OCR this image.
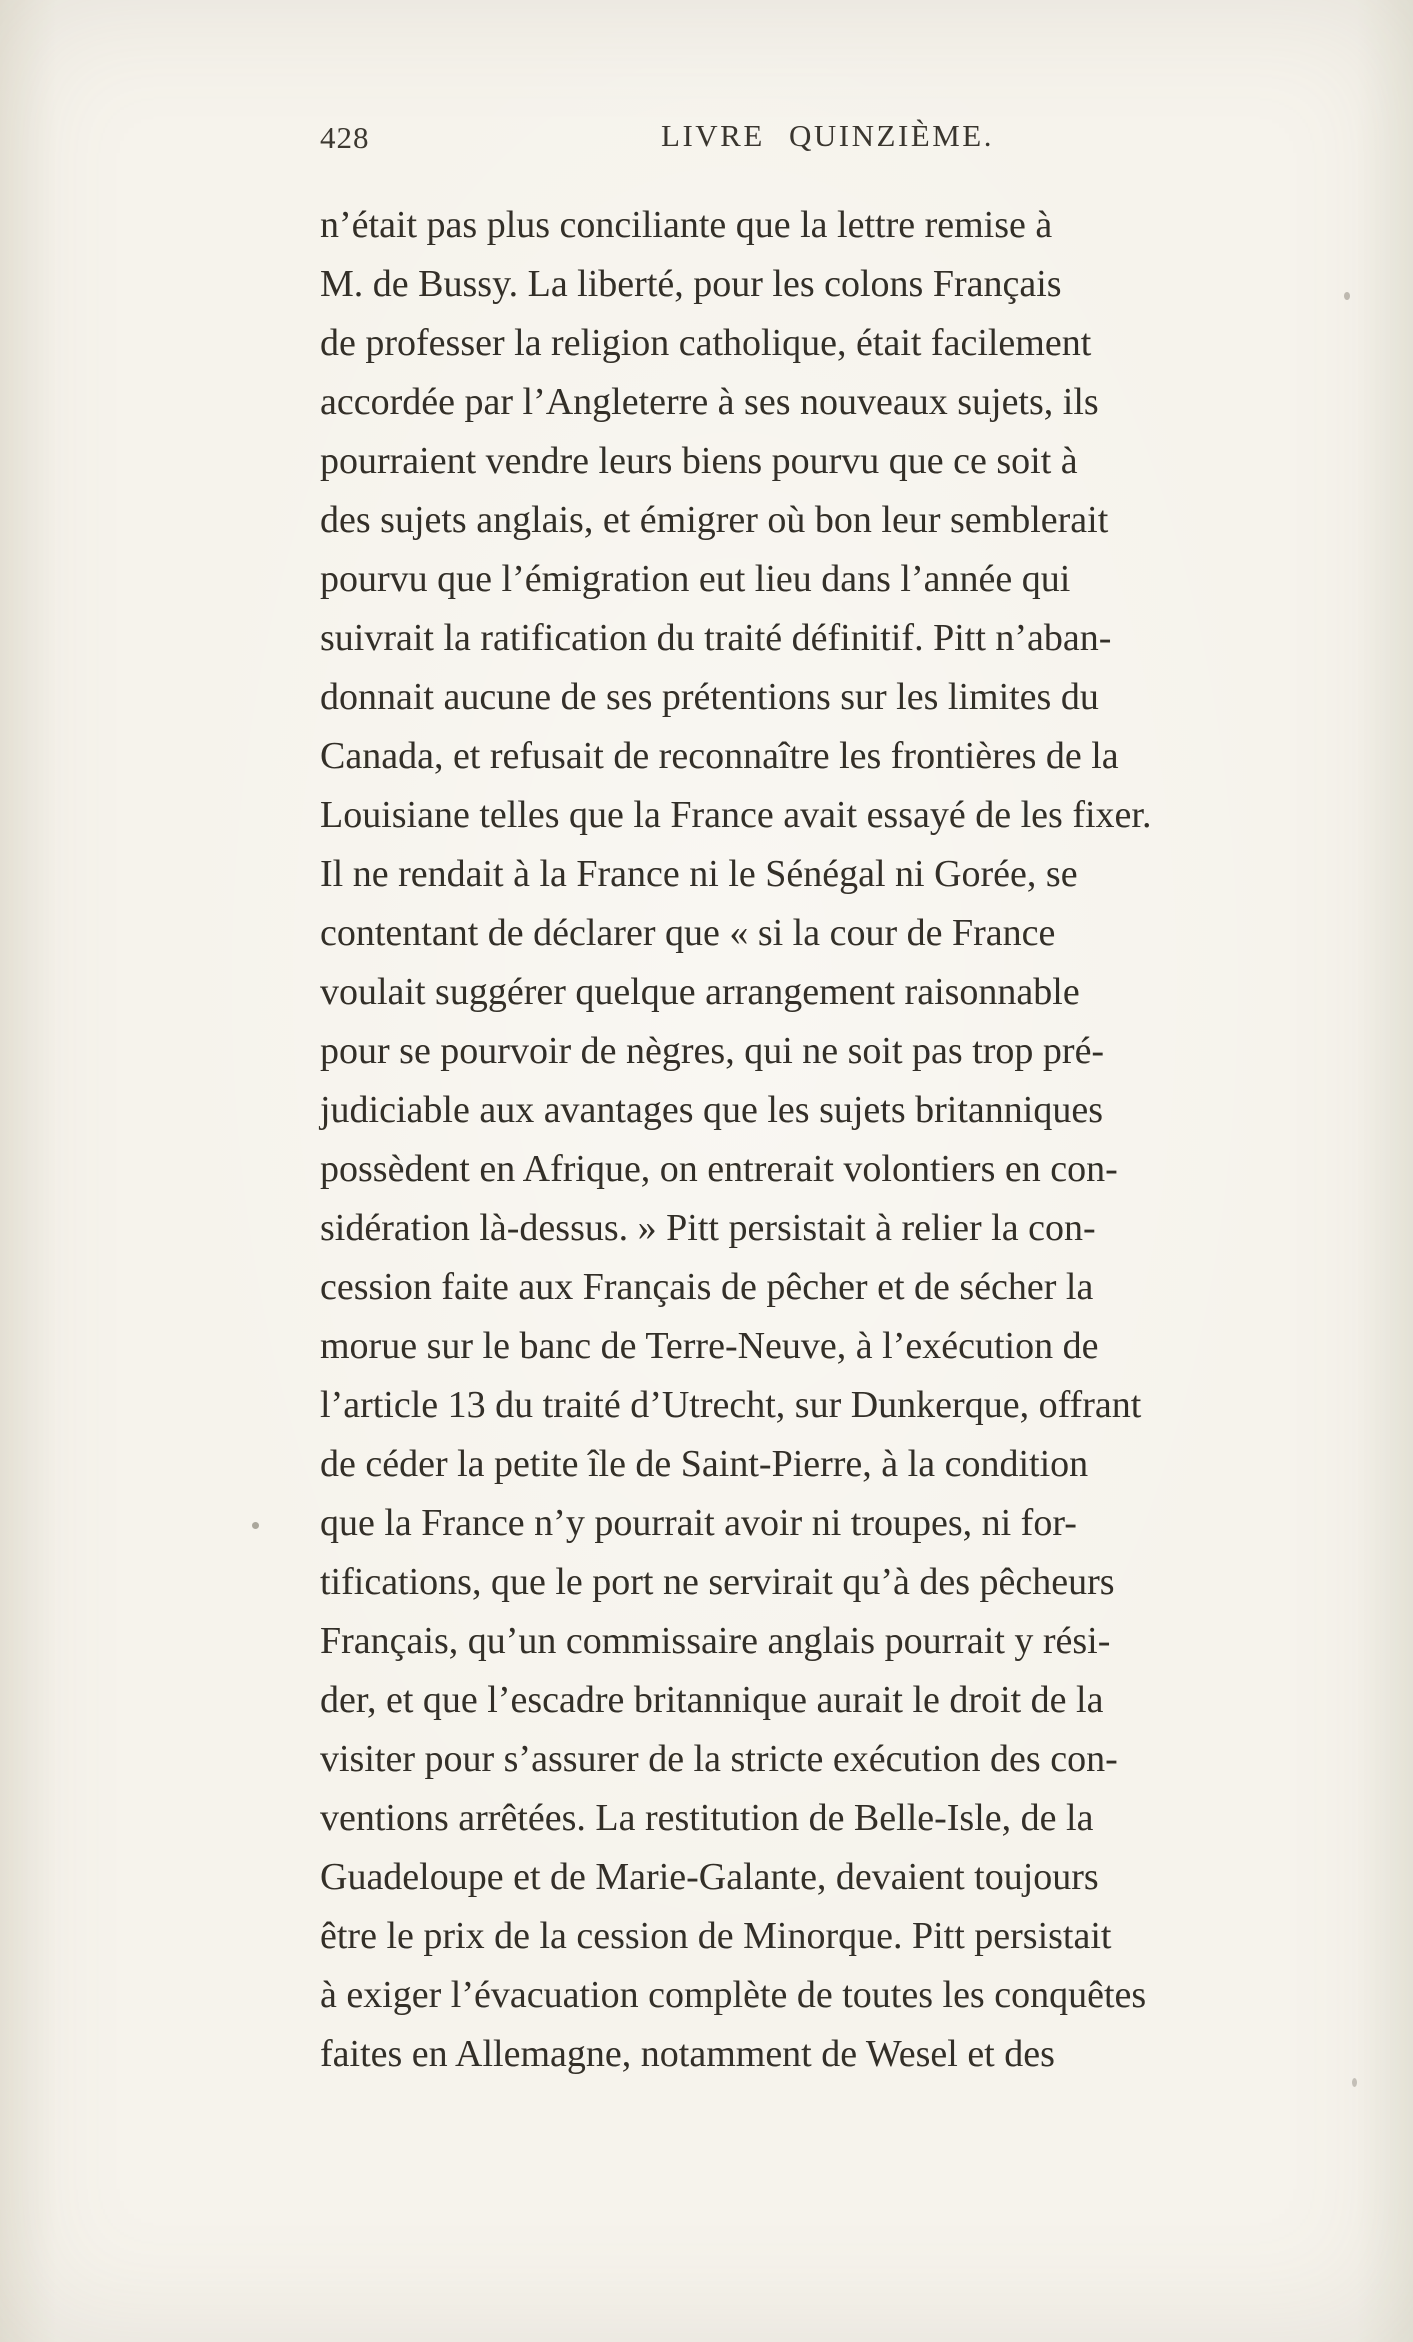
428	LIVRE QUINZIÈME.
n’était pas plus conciliante que la lettre remise à
M. de Bussy. La liberté, pour les colons Français
de professer la religion catholique, était facilement
accordée par l’Angleterre à ses nouveaux sujets, ils
pourraient vendre leurs biens pourvu que ce soit à
des sujets anglais, et émigrer où bon leur semblerait
pourvu que l’émigration eut lieu dans l’année qui
suivrait la ratification du traité définitif. Pitt n’aban-
donnait aucune de ses prétentions sur les limites du
Canada, et refusait de reconnaître les frontières de la
Louisiane telles que la France avait essayé de les fixer.
Il ne rendait à la France ni le Sénégal ni Gorée, se
contentant de déclarer que « si la cour de France
voulait suggérer quelque arrangement raisonnable
pour se pourvoir de nègres, qui ne soit pas trop pré-
judiciable aux avantages que les sujets britanniques
possèdent en Afrique, on entrerait volontiers en con-
sidération là-dessus. » Pitt persistait à relier la con-
cession faite aux Français de pêcher et de sécher la
morue sur le banc de Terre-Neuve, à l’exécution de
l’article 13 du traité d’Utrecht, sur Dunkerque, offrant
de céder la petite île de Saint-Pierre, à la condition
que la France n’y pourrait avoir ni troupes, ni for-
tifications, que le port ne servirait qu’à des pêcheurs
Français, qu’un commissaire anglais pourrait y rési-
der, et que l’escadre britannique aurait le droit de la
visiter pour s’assurer de la stricte exécution des con-
ventions arrêtées. La restitution de Belle-Isle, de la
Guadeloupe et de Marie-Galante, devaient toujours
être le prix de la cession de Minorque. Pitt persistait
à exiger l’évacuation complète de toutes les conquêtes
faites en Allemagne, notamment de Wesel et des
